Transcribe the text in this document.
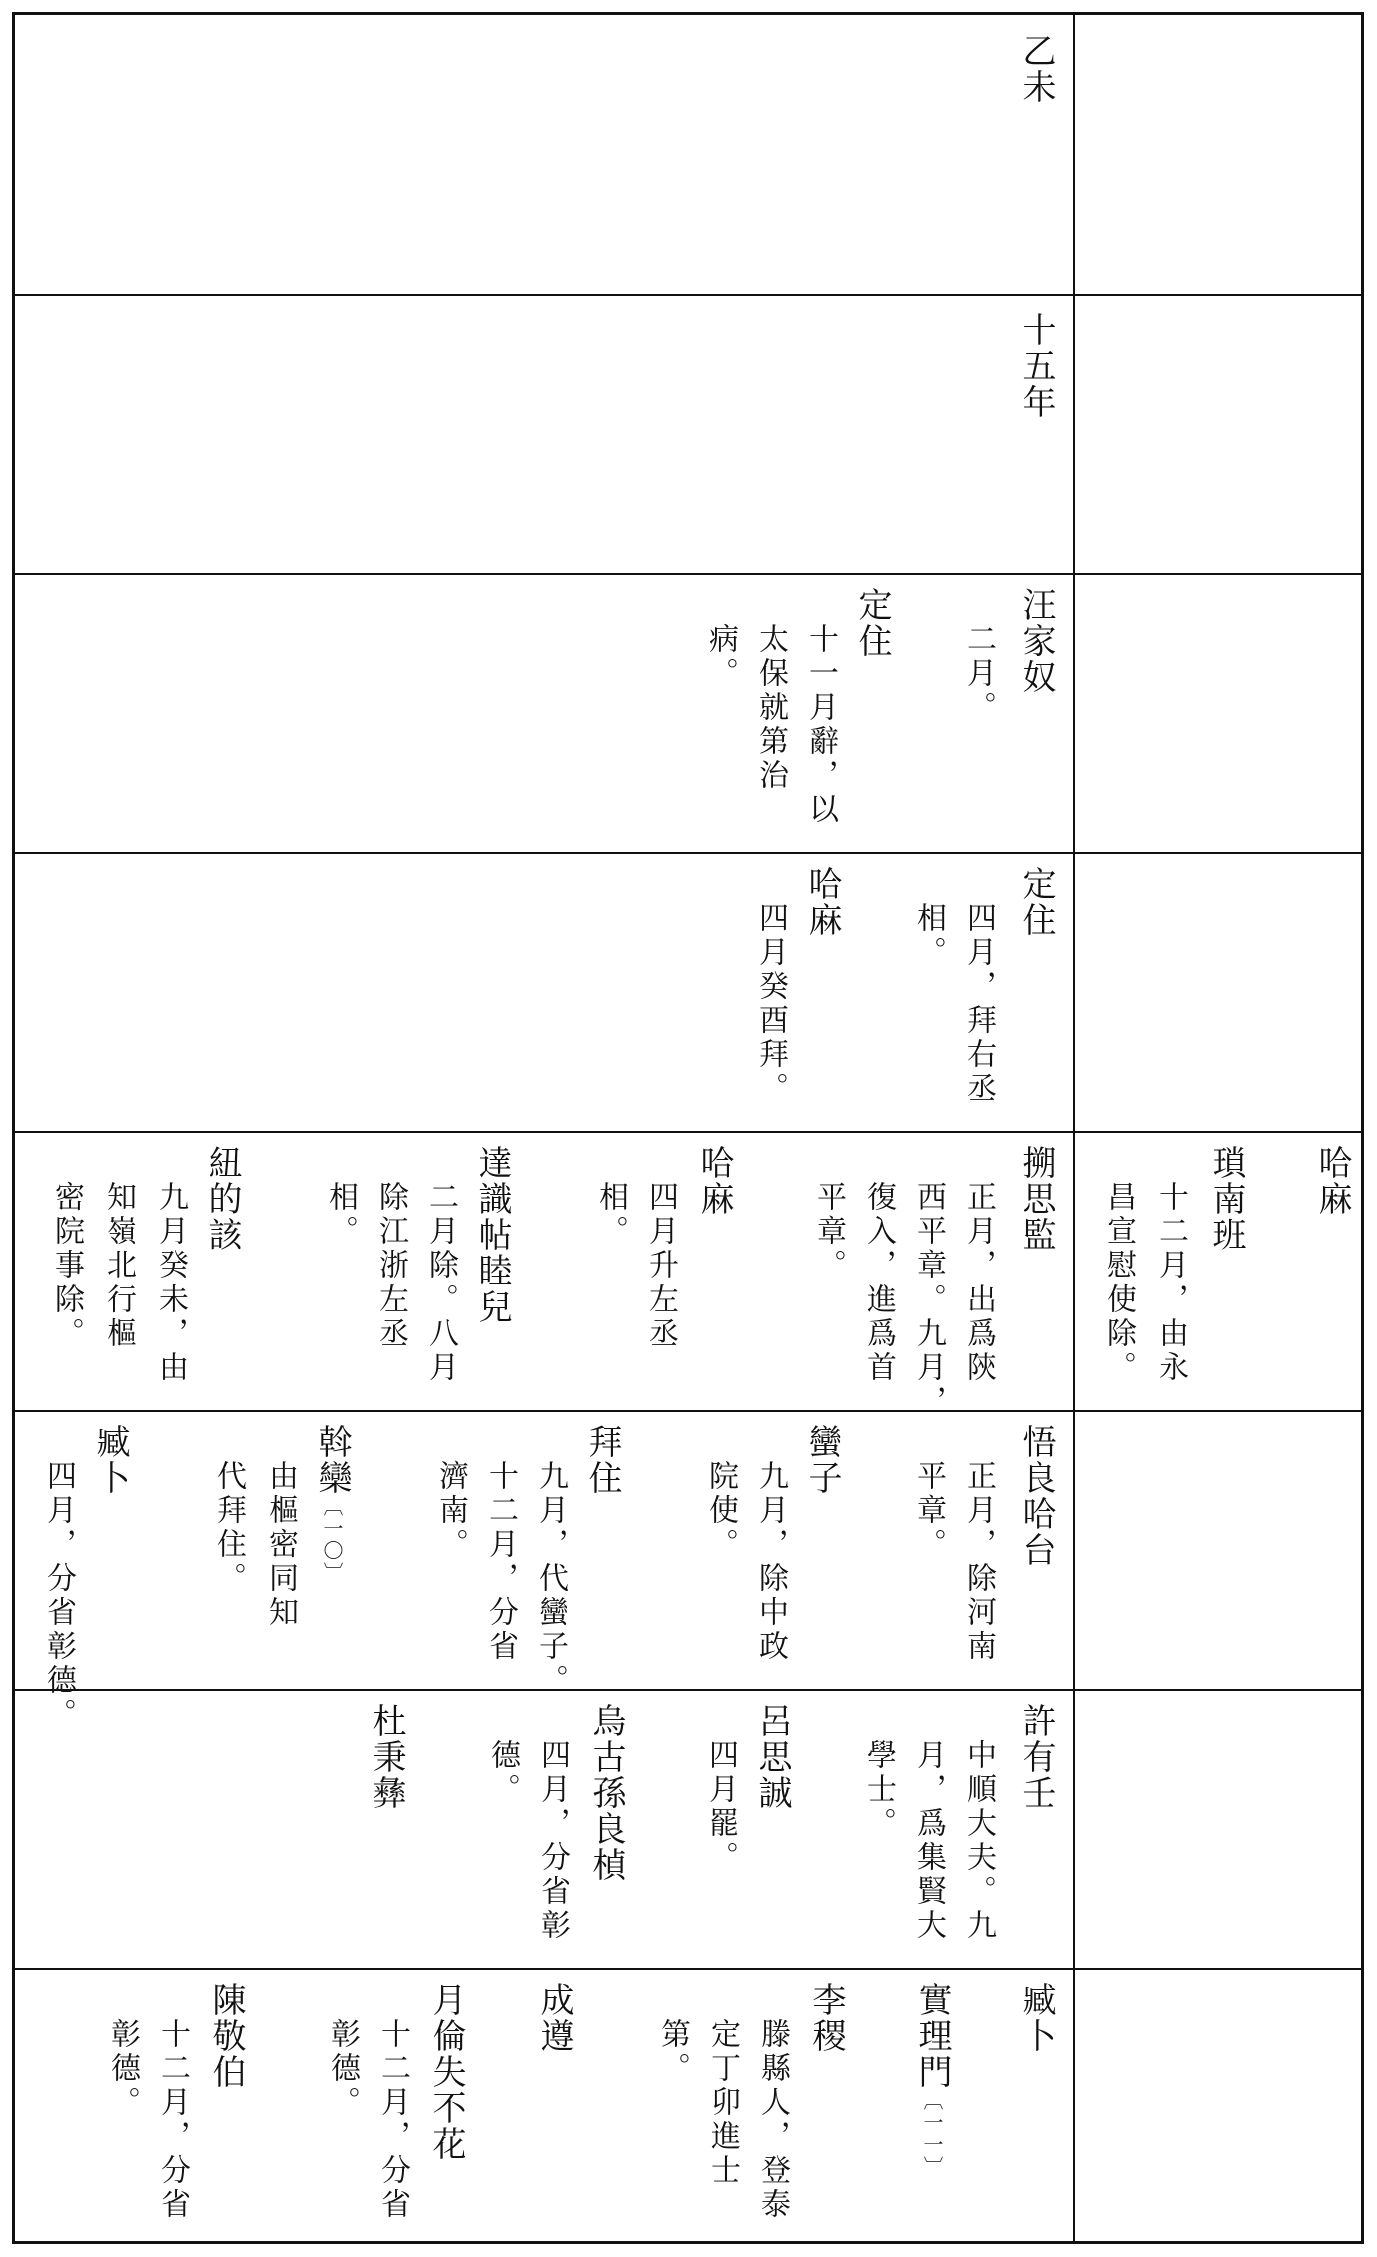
乙未
十五年
汪家奴
二月。
定住
十一月辭，以
太保就第治
病。
定住
四月，拜右丞
相。
哈麻
四月癸酉拜。
哈麻
瑣南班
十二月，由永
昌宣慰使除。
搠思監
正月，出爲陝
西平章。九月，
復入，進爲首
平章。
哈麻
四月升左丞
相。
達識帖睦兒
二月除。八月
除江浙左丞
相。
紐的該
九月癸未，由
知嶺北行樞
密院事除。
悟良哈台
正月，除河南
平章。
蠻子
九月，除中政
院使。
拜住
九月，代蠻子。
十二月，分省
濟南。
斡欒〔一〇〕
由樞密同知
代拜住。
臧卜
四月，分省彰德。
許有壬
中順大夫。九
月，爲集賢大
學士。
呂思誠
四月罷。
烏古孫良楨
四月，分省彰
德。
杜秉彝
臧卜
實理門〔一一〕
李稷
滕縣人，登泰
定丁卯進士
第。
成遵
月倫失不花
十二月，分省
彰德。
陳敬伯
十二月，分省
彰德。
